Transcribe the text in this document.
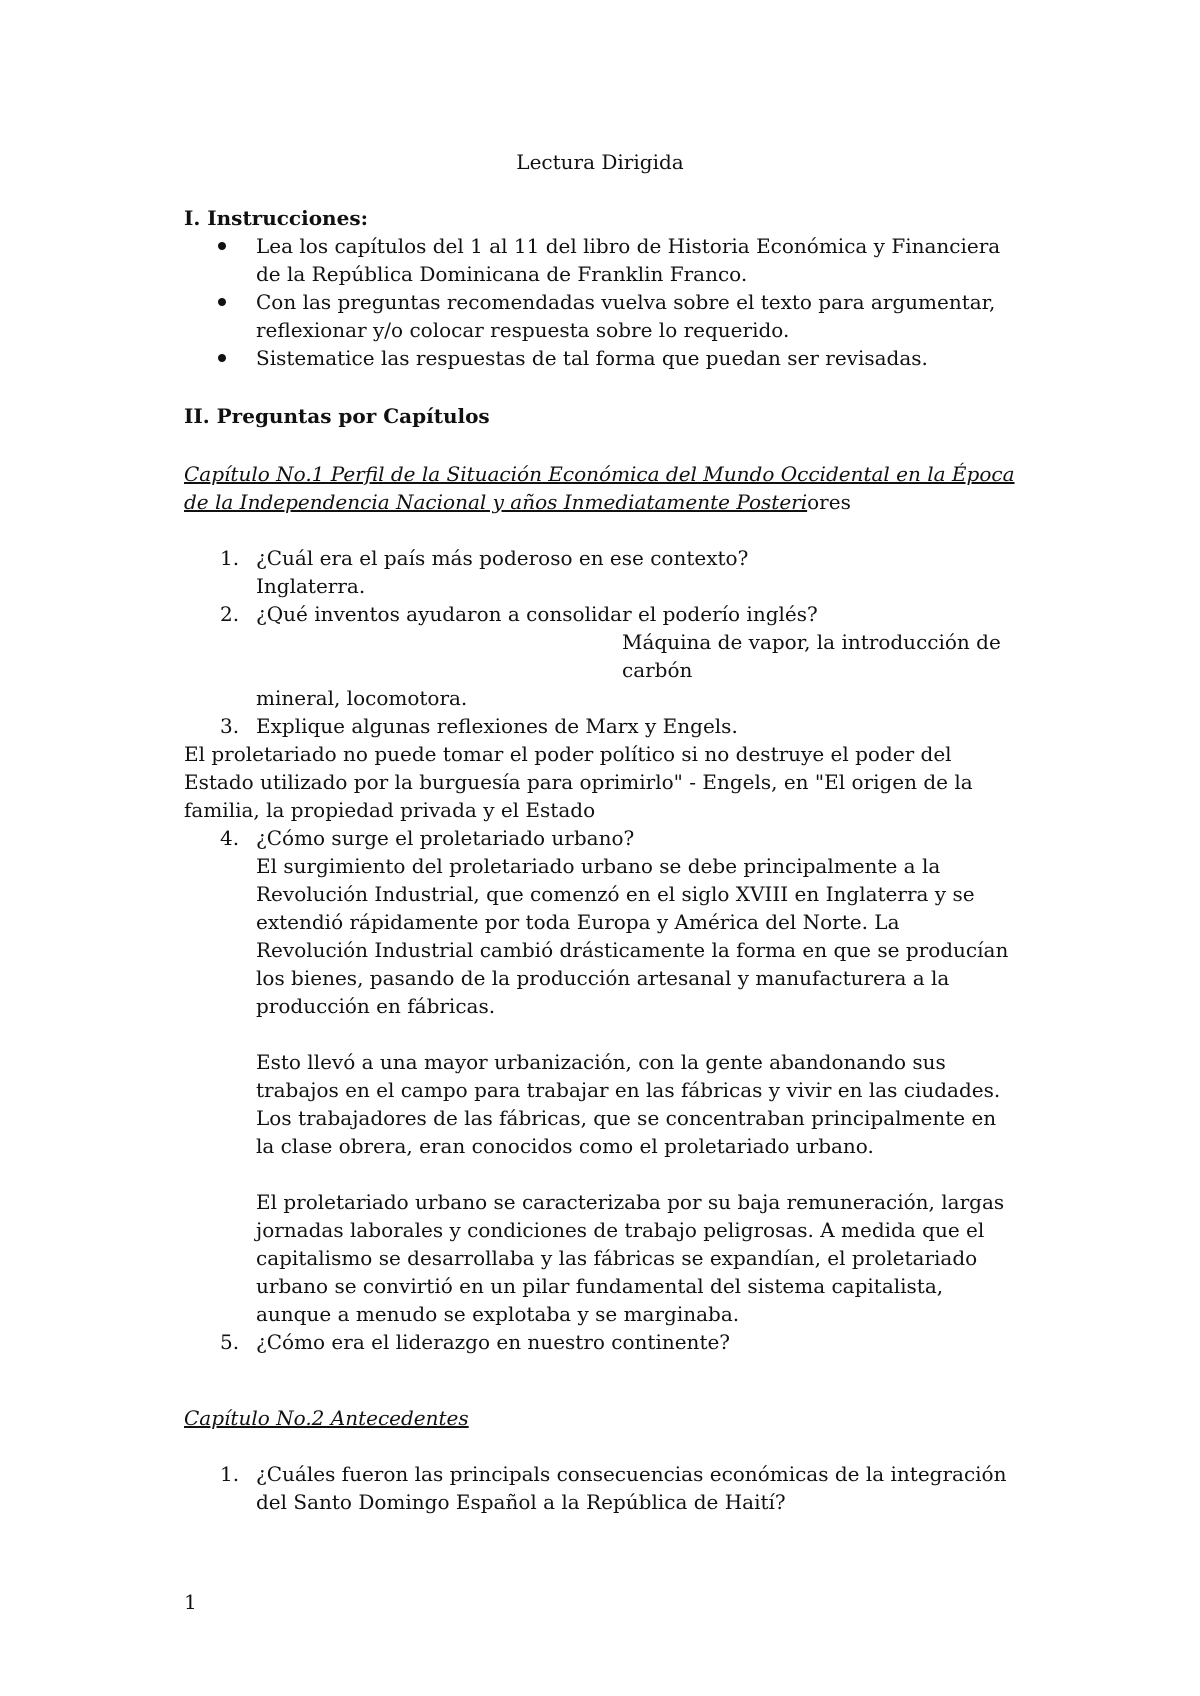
Lectura Dirigida
I. Instrucciones:
Lea los capítulos del 1 al 11 del libro de Historia Económica y Financiera
de la República Dominicana de Franklin Franco.
Con las preguntas recomendadas vuelva sobre el texto para argumentar,
reflexionar y/o colocar respuesta sobre lo requerido.
Sistematice las respuestas de tal forma que puedan ser revisadas.
II. Preguntas por Capítulos
Capítulo No.1 Perfil de la Situación Económica del Mundo Occidental en la Época
de la Independencia Nacional y años Inmediatamente Posteriores
1. ¿Cuál era el país más poderoso en ese contexto?
Inglaterra.
2. ¿Qué inventos ayudaron a consolidar el poderío inglés?
Máquina de vapor, la introducción de carbón
mineral, locomotora.
3. Explique algunas reflexiones de Marx y Engels.
El proletariado no puede tomar el poder político si no destruye el poder del
Estado utilizado por la burguesía para oprimirlo" - Engels, en "El origen de la
familia, la propiedad privada y el Estado
4. ¿Cómo surge el proletariado urbano?
El surgimiento del proletariado urbano se debe principalmente a la
Revolución Industrial, que comenzó en el siglo XVIII en Inglaterra y se
extendió rápidamente por toda Europa y América del Norte. La
Revolución Industrial cambió drásticamente la forma en que se producían
los bienes, pasando de la producción artesanal y manufacturera a la
producción en fábricas.
Esto llevó a una mayor urbanización, con la gente abandonando sus
trabajos en el campo para trabajar en las fábricas y vivir en las ciudades.
Los trabajadores de las fábricas, que se concentraban principalmente en
la clase obrera, eran conocidos como el proletariado urbano.
El proletariado urbano se caracterizaba por su baja remuneración, largas
jornadas laborales y condiciones de trabajo peligrosas. A medida que el
capitalismo se desarrollaba y las fábricas se expandían, el proletariado
urbano se convirtió en un pilar fundamental del sistema capitalista,
aunque a menudo se explotaba y se marginaba.
5. ¿Cómo era el liderazgo en nuestro continente?
Capítulo No.2 Antecedentes
1. ¿Cuáles fueron las principals consecuencias económicas de la integración
del Santo Domingo Español a la República de Haití?
1
